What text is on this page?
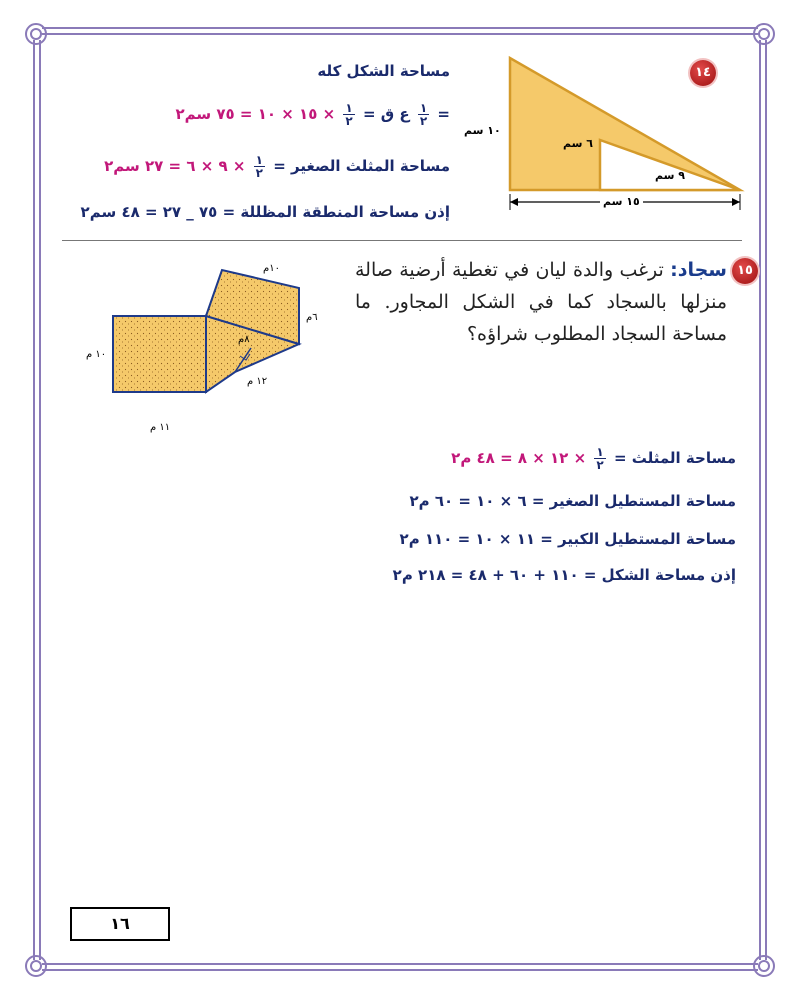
١٠ سم
٦ سم
٩ سم
١٥ سم
١٤
مساحة الشكل كله
=
$\frac{١}{٢}$
ع ق =
$\frac{١}{٢}$
× ١٥ × ١٠ = ٧٥ سم٢
مساحة المثلث الصغير =
$\frac{١}{٢}$
× ٩ × ٦ = ٢٧ سم٢
إذن مساحة المنطقة المظللة = ٧٥ _ ٢٧ = ٤٨ سم٢
١٥
سجاد: ترغب والدة ليان في تغطية أرضية صالة منزلها بالسجاد كما في الشكل المجاور. ما مساحة السجاد المطلوب شراؤه؟
١٠م
٦م
٨م
١٢ م
١٠ م
١١ م
مساحة المثلث =
$\frac{١}{٢}$
× ١٢ × ٨ = ٤٨ م٢
مساحة المستطيل الصغير = ٦ × ١٠ = ٦٠ م٢
مساحة المستطيل الكبير = ١١ × ١٠ = ١١٠ م٢
إذن مساحة الشكل = ١١٠ + ٦٠ + ٤٨ = ٢١٨ م٢
١٦
